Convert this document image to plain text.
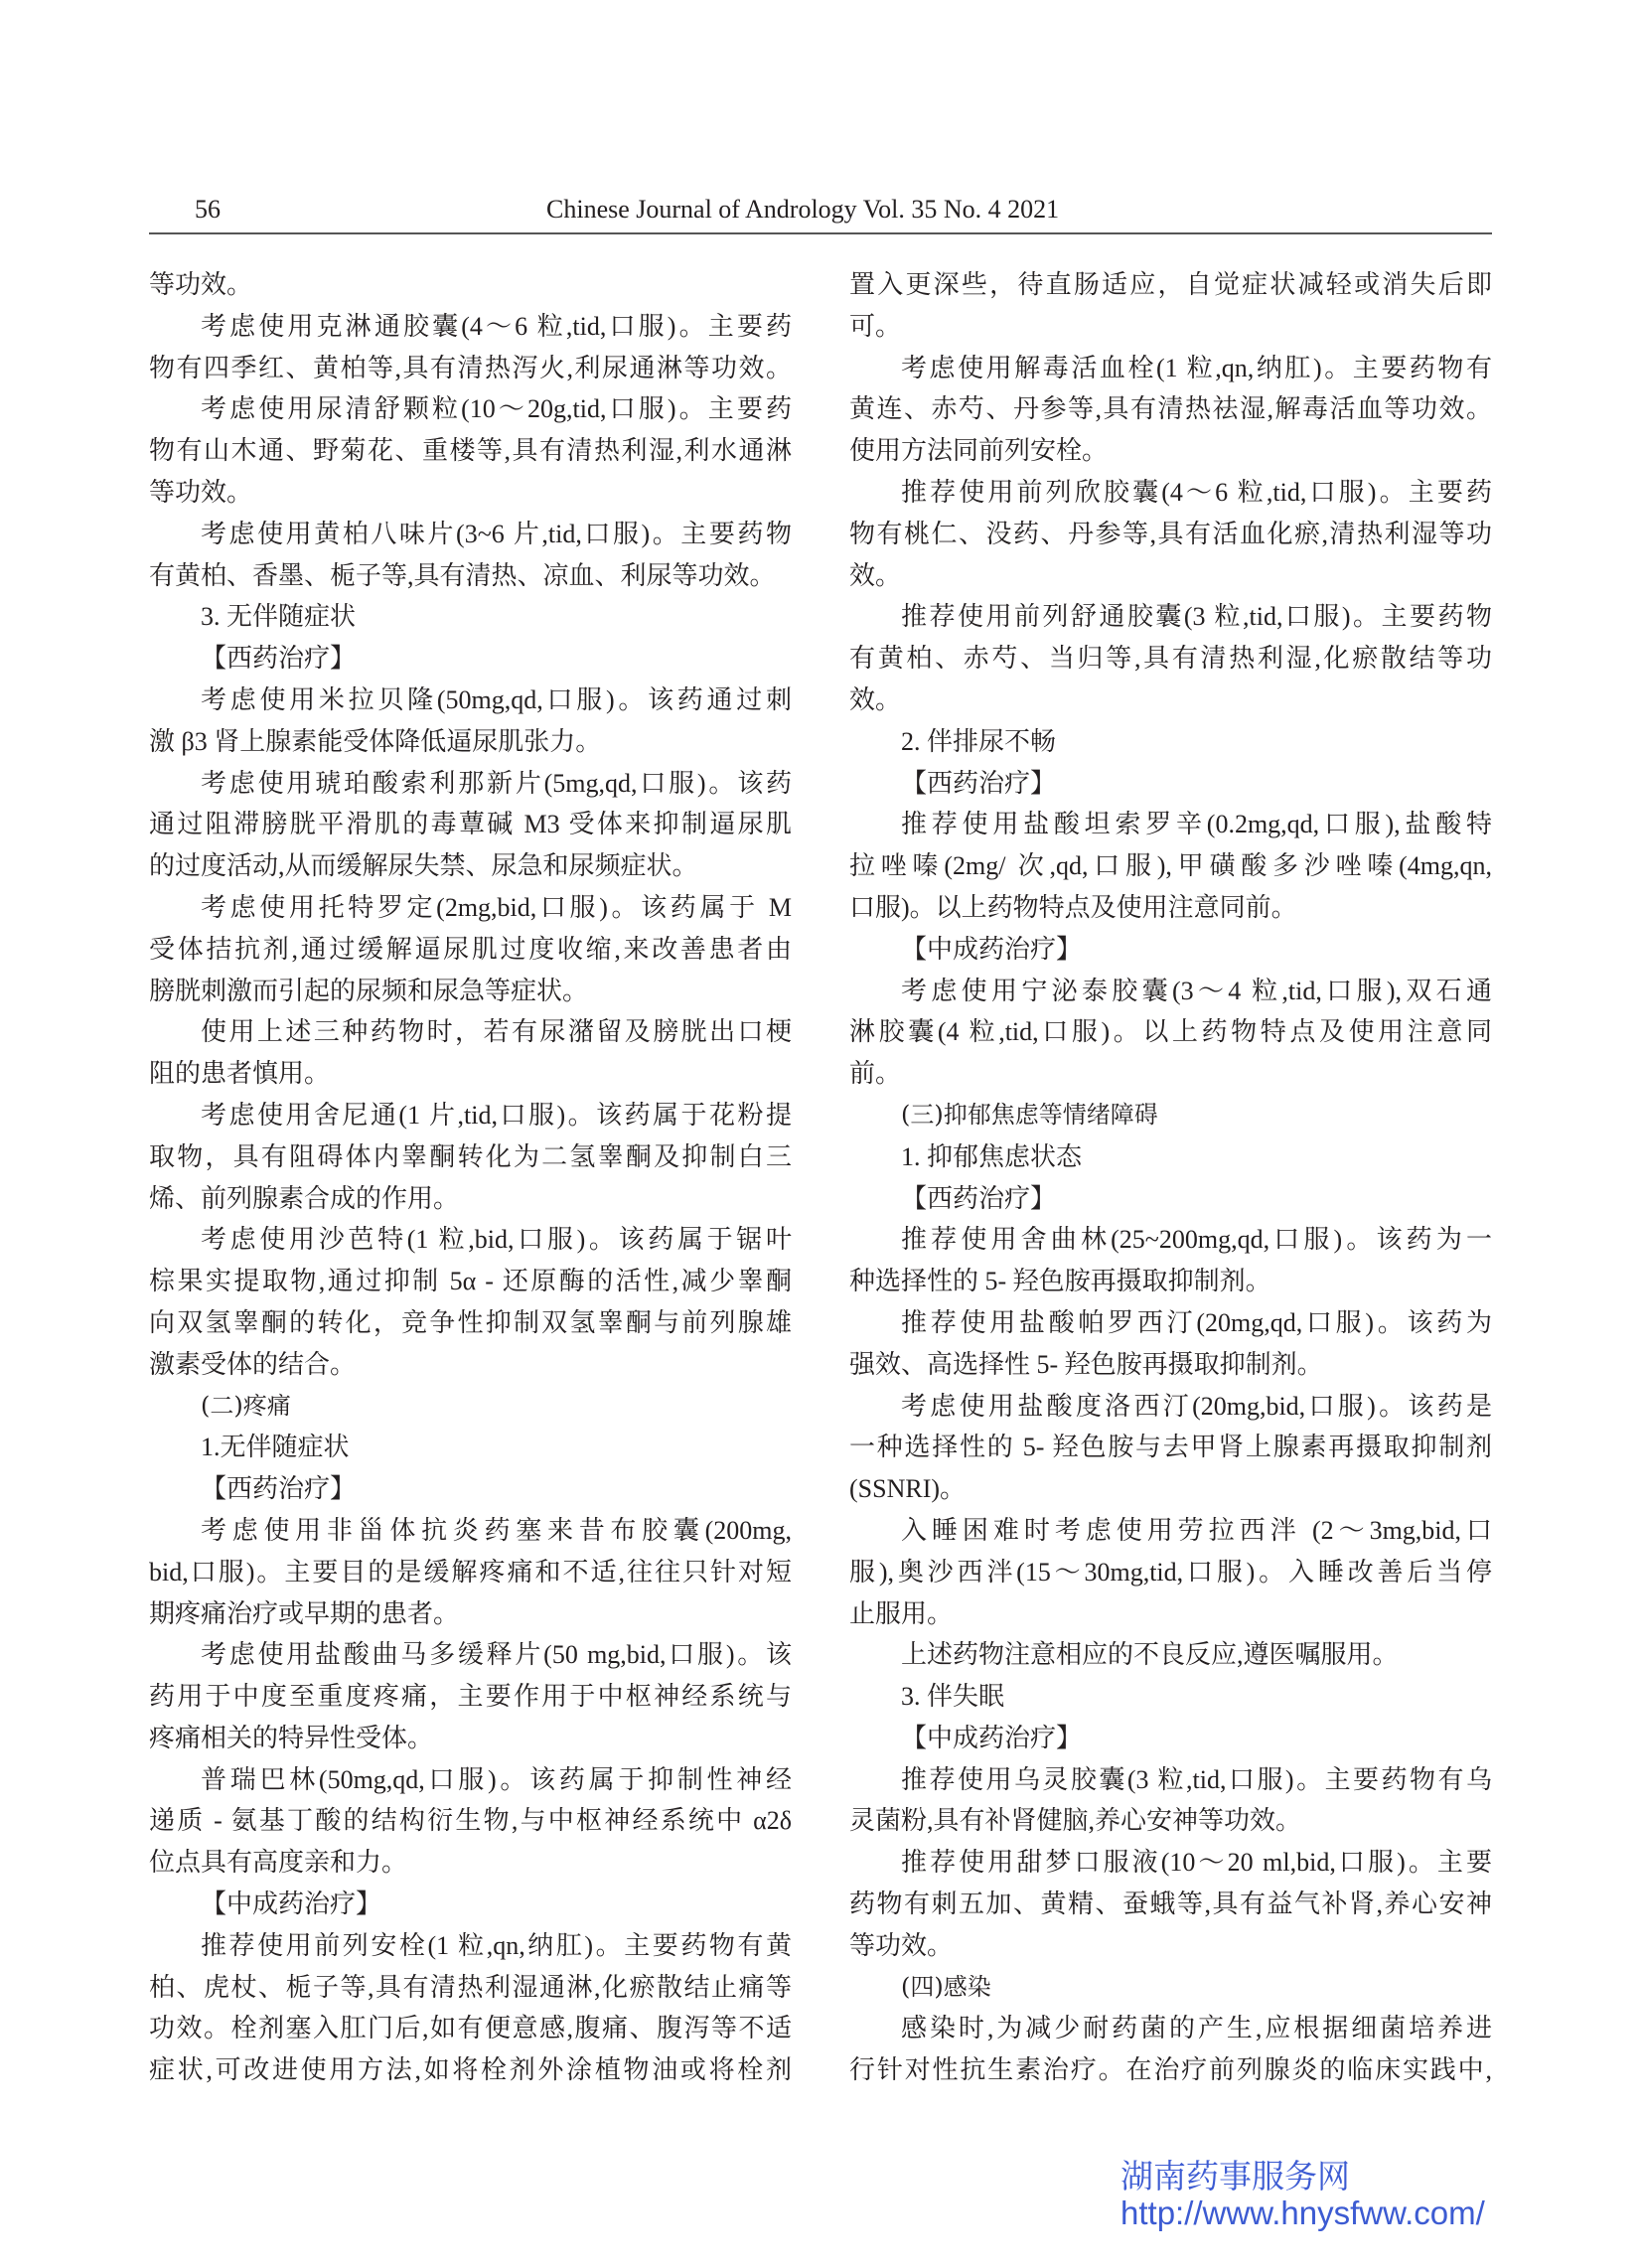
56	Chinese Journal of Andrology Vol. 35 No. 4 2021
等功效。
考虑使用克淋通胶囊(4～6 粒,tid,口服)。主要药
物有四季红、黄柏等,具有清热泻火,利尿通淋等功效。
考虑使用尿清舒颗粒(10～20g,tid,口服)。主要药
物有山木通、野菊花、重楼等,具有清热利湿,利水通淋
等功效。
考虑使用黄柏八味片(3~6 片,tid,口服)。主要药物
有黄柏、香墨、栀子等,具有清热、凉血、利尿等功效。
3. 无伴随症状
【西药治疗】
考虑使用米拉贝隆(50mg,qd,口服)。该药通过刺
激 β3 肾上腺素能受体降低逼尿肌张力。
考虑使用琥珀酸索利那新片(5mg,qd,口服)。该药
通过阻滞膀胱平滑肌的毒蕈碱 M3 受体来抑制逼尿肌
的过度活动,从而缓解尿失禁、尿急和尿频症状。
考虑使用托特罗定(2mg,bid,口服)。该药属于 M
受体拮抗剂,通过缓解逼尿肌过度收缩,来改善患者由
膀胱刺激而引起的尿频和尿急等症状。
使用上述三种药物时，若有尿潴留及膀胱出口梗
阻的患者慎用。
考虑使用舍尼通(1 片,tid,口服)。该药属于花粉提
取物，具有阻碍体内睾酮转化为二氢睾酮及抑制白三
烯、前列腺素合成的作用。
考虑使用沙芭特(1 粒,bid,口服)。该药属于锯叶
棕果实提取物,通过抑制 5α - 还原酶的活性,减少睾酮
向双氢睾酮的转化，竞争性抑制双氢睾酮与前列腺雄
激素受体的结合。
(二)疼痛
1.无伴随症状
【西药治疗】
考虑使用非甾体抗炎药塞来昔布胶囊(200mg,
bid,口服)。主要目的是缓解疼痛和不适,往往只针对短
期疼痛治疗或早期的患者。
考虑使用盐酸曲马多缓释片(50 mg,bid,口服)。该
药用于中度至重度疼痛，主要作用于中枢神经系统与
疼痛相关的特异性受体。
普瑞巴林(50mg,qd,口服)。该药属于抑制性神经
递质 - 氨基丁酸的结构衍生物,与中枢神经系统中 α2δ
位点具有高度亲和力。
【中成药治疗】
推荐使用前列安栓(1 粒,qn,纳肛)。主要药物有黄
柏、虎杖、栀子等,具有清热利湿通淋,化瘀散结止痛等
功效。栓剂塞入肛门后,如有便意感,腹痛、腹泻等不适
症状,可改进使用方法,如将栓剂外涂植物油或将栓剂
置入更深些，待直肠适应，自觉症状减轻或消失后即
可。
考虑使用解毒活血栓(1 粒,qn,纳肛)。主要药物有
黄连、赤芍、丹参等,具有清热祛湿,解毒活血等功效。
使用方法同前列安栓。
推荐使用前列欣胶囊(4～6 粒,tid,口服)。主要药
物有桃仁、没药、丹参等,具有活血化瘀,清热利湿等功
效。
推荐使用前列舒通胶囊(3 粒,tid,口服)。主要药物
有黄柏、赤芍、当归等,具有清热利湿,化瘀散结等功
效。
2. 伴排尿不畅
【西药治疗】
推荐使用盐酸坦索罗辛(0.2mg,qd,口服),盐酸特
拉唑嗪(2mg/ 次,qd,口服),甲磺酸多沙唑嗪(4mg,qn,
口服)。以上药物特点及使用注意同前。
【中成药治疗】
考虑使用宁泌泰胶囊(3～4 粒,tid,口服),双石通
淋胶囊(4 粒,tid,口服)。以上药物特点及使用注意同
前。
(三)抑郁焦虑等情绪障碍
1. 抑郁焦虑状态
【西药治疗】
推荐使用舍曲林(25~200mg,qd,口服)。该药为一
种选择性的 5- 羟色胺再摄取抑制剂。
推荐使用盐酸帕罗西汀(20mg,qd,口服)。该药为
强效、高选择性 5- 羟色胺再摄取抑制剂。
考虑使用盐酸度洛西汀(20mg,bid,口服)。该药是
一种选择性的 5- 羟色胺与去甲肾上腺素再摄取抑制剂
(SSNRI)。
入睡困难时考虑使用劳拉西泮 (2～3mg,bid,口
服),奥沙西泮(15～30mg,tid,口服)。入睡改善后当停
止服用。
上述药物注意相应的不良反应,遵医嘱服用。
3. 伴失眠
【中成药治疗】
推荐使用乌灵胶囊(3 粒,tid,口服)。主要药物有乌
灵菌粉,具有补肾健脑,养心安神等功效。
推荐使用甜梦口服液(10～20 ml,bid,口服)。主要
药物有刺五加、黄精、蚕蛾等,具有益气补肾,养心安神
等功效。
(四)感染
感染时,为减少耐药菌的产生,应根据细菌培养进
行针对性抗生素治疗。在治疗前列腺炎的临床实践中,
湖南药事服务网
http://www.hnysfww.com/
